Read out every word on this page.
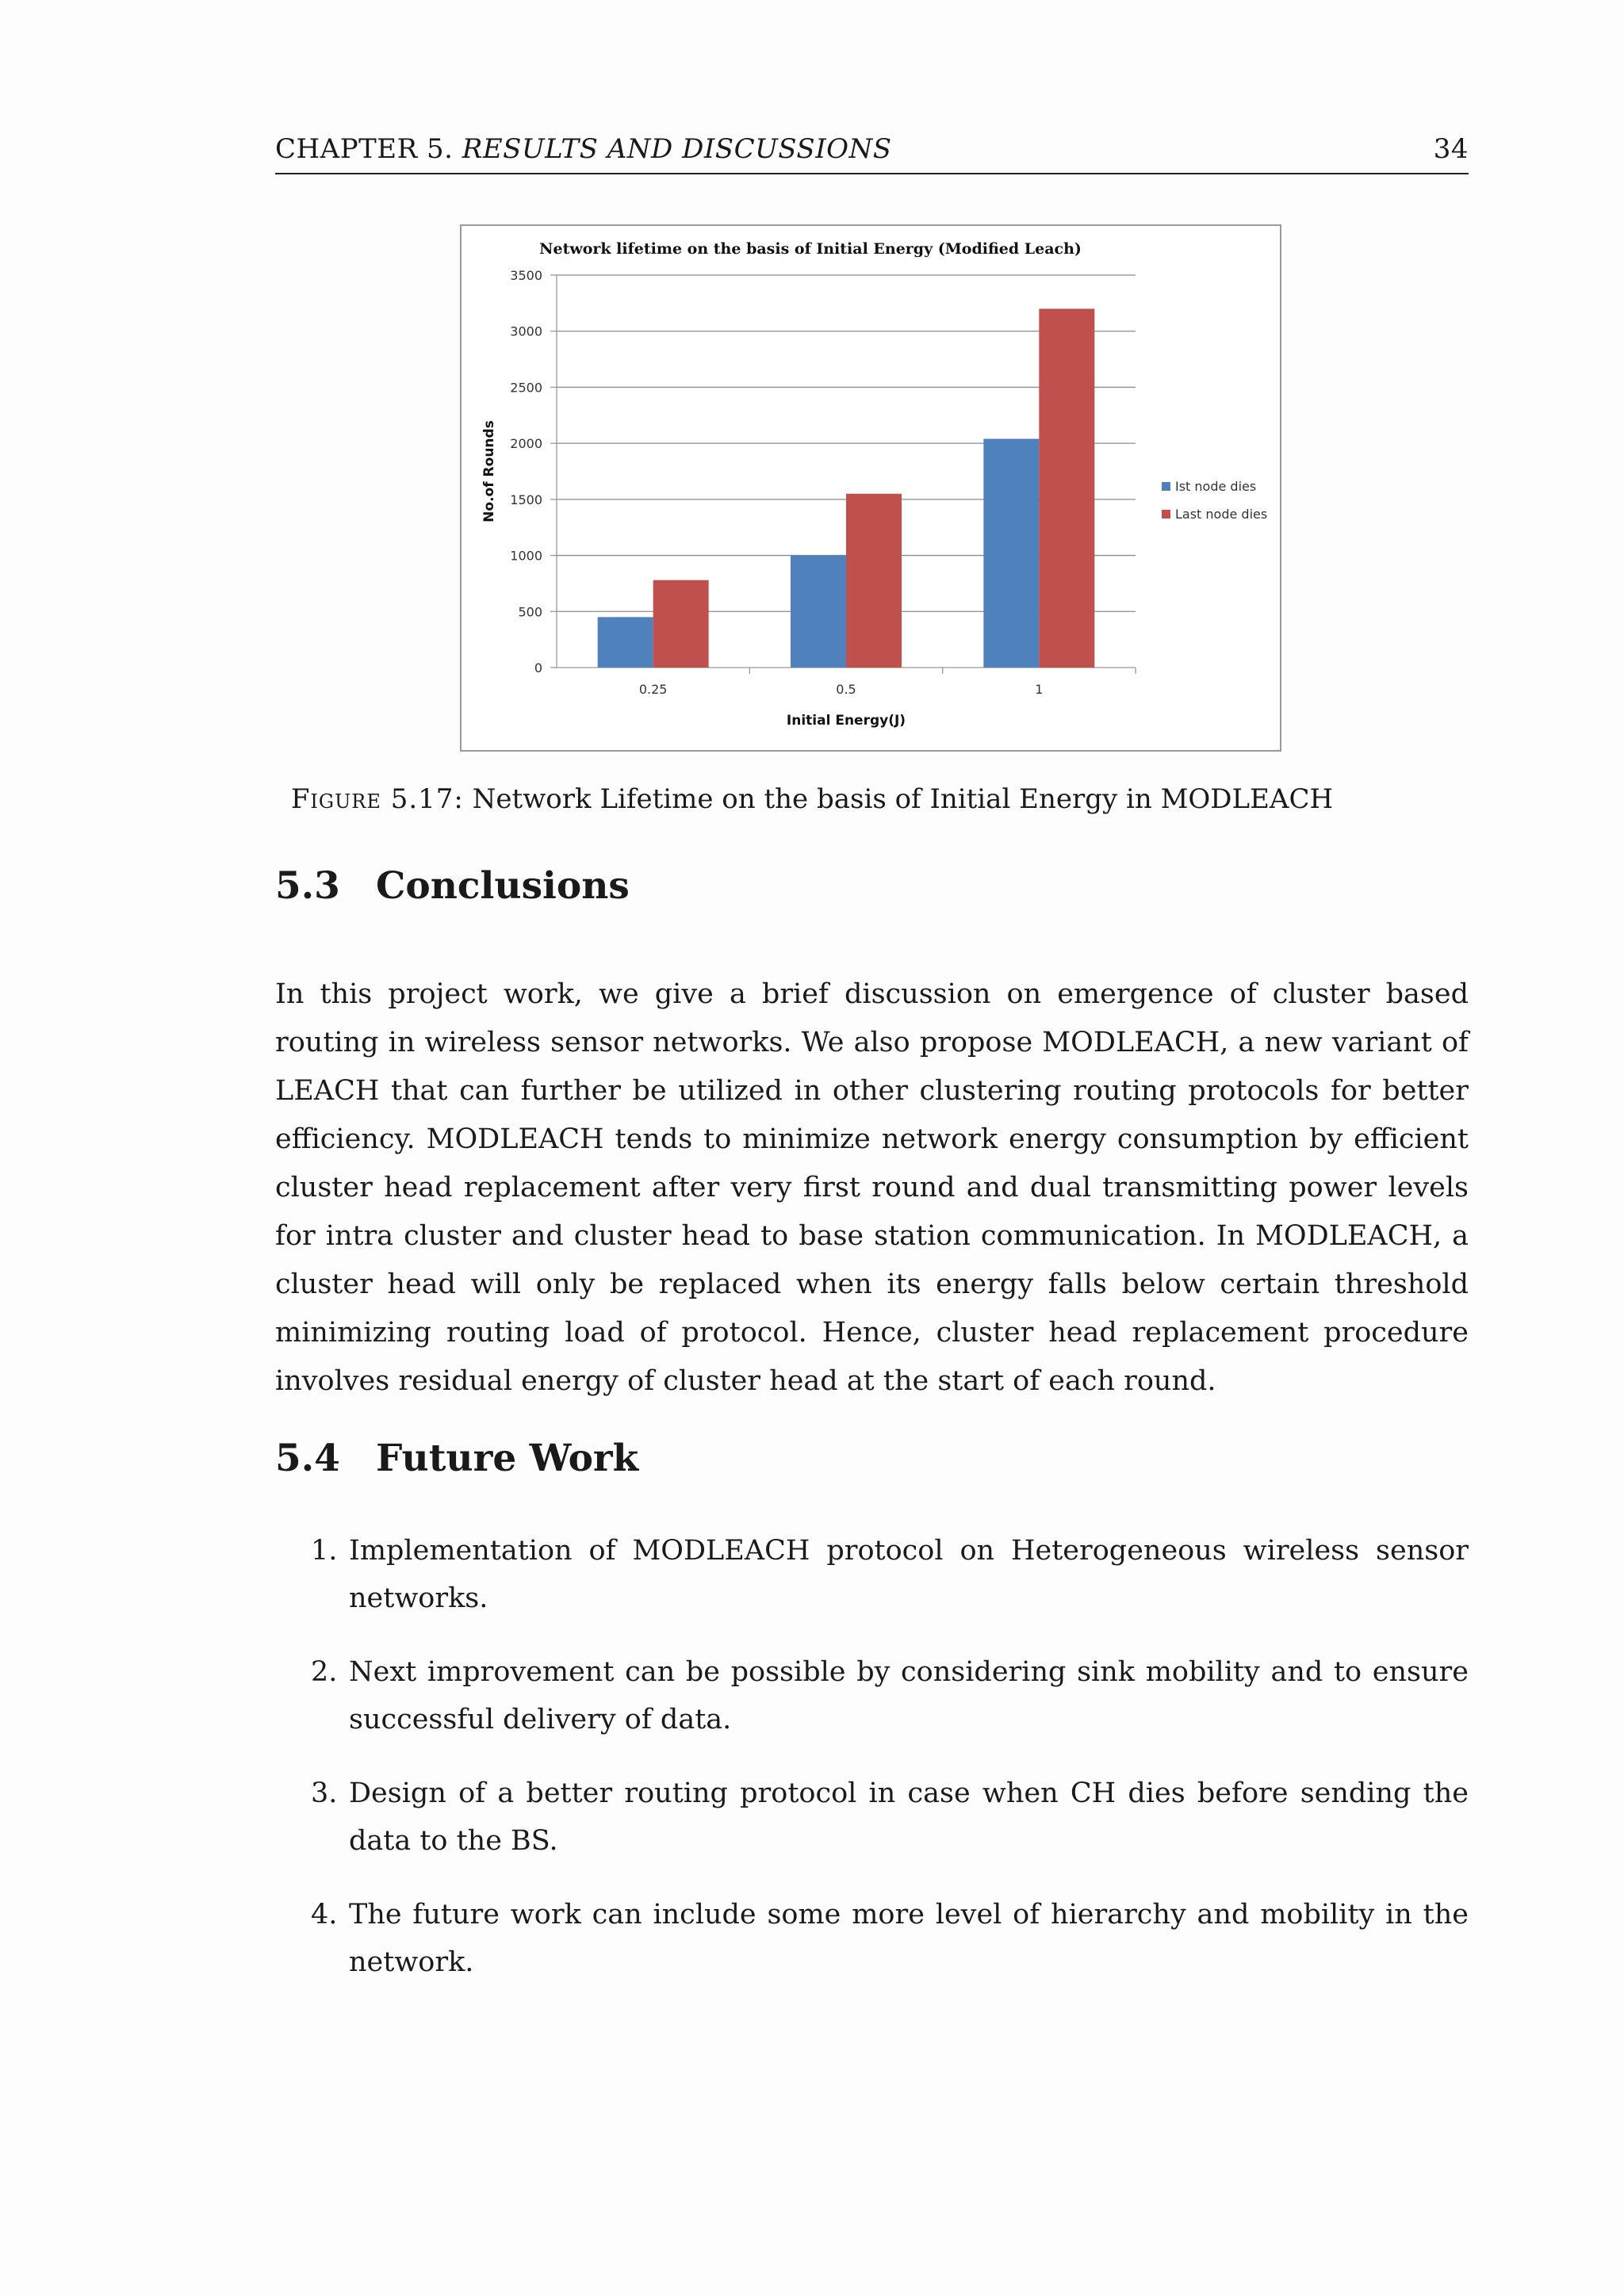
CHAPTER 5. RESULTS AND DISCUSSIONS	34
Network lifetime on the basis of Initial Energy (Modified Leach)
0
500
1000
1500
2000
2500
3000
3500
0.25	0.5	1
Initial Energy(J)
No.of Rounds	Ist node dies
Last node dies
Figure 5.17: Network Lifetime on the basis of Initial Energy in MODLEACH
5.3 Conclusions

In this project work, we give a brief discussion on emergence of cluster based routing in wireless sensor networks. We also propose MODLEACH, a new variant of LEACH that can further be utilized in other clustering routing protocols for better efficiency. MODLEACH tends to minimize network energy consumption by efficient cluster head replacement after very first round and dual transmitting power levels for intra cluster and cluster head to base station communication. In MODLEACH, a cluster head will only be replaced when its energy falls below certain threshold minimizing routing load of protocol. Hence, cluster head replacement procedure involves residual energy of cluster head at the start of each round.

5.4 Future Work
1. Implementation of MODLEACH protocol on Heterogeneous wireless sensor networks.
2. Next improvement can be possible by considering sink mobility and to ensure successful delivery of data.
3. Design of a better routing protocol in case when CH dies before sending the data to the BS.
4. The future work can include some more level of hierarchy and mobility in the network.
